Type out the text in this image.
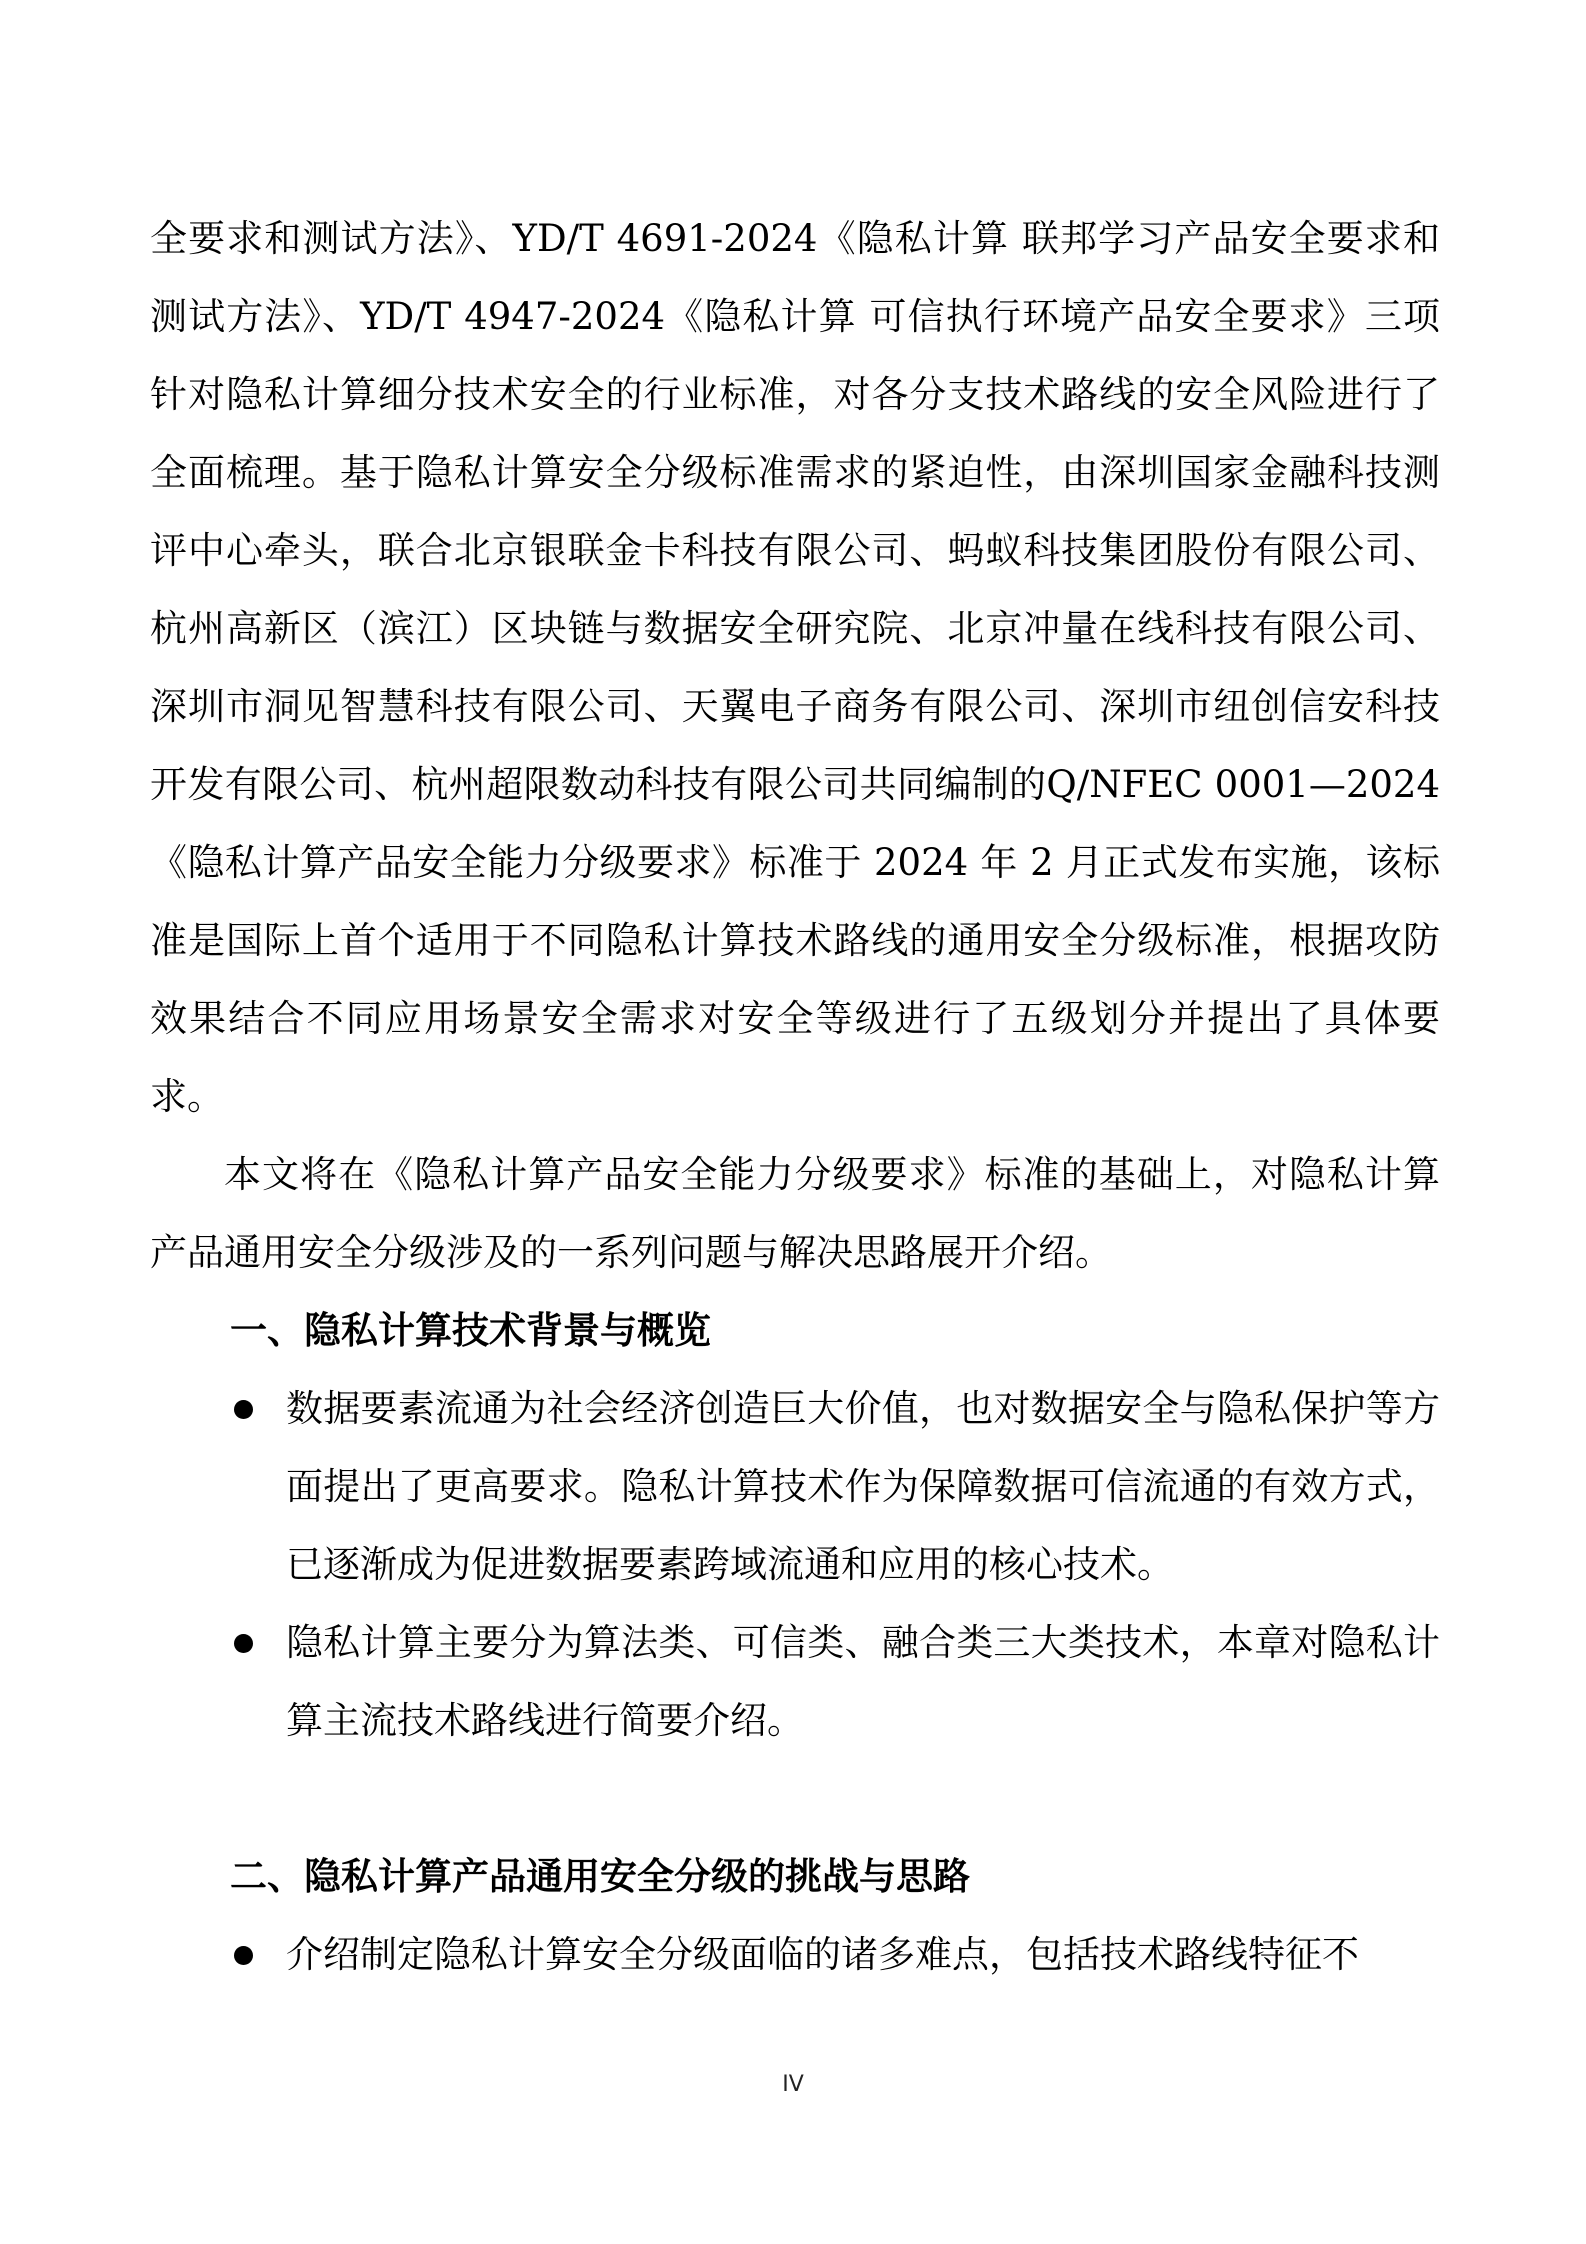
全要求和测试方法》、YD/T 4691-2024《隐私计算 联邦学习产品安全要求和测试方法》、YD/T 4947-2024《隐私计算 可信执行环境产品安全要求》三项针对隐私计算细分技术安全的行业标准，对各分支技术路线的安全风险进行了全面梳理。基于隐私计算安全分级标准需求的紧迫性，由深圳国家金融科技测评中心牵头，联合北京银联金卡科技有限公司、蚂蚁科技集团股份有限公司、杭州高新区（滨江）区块链与数据安全研究院、北京冲量在线科技有限公司、深圳市洞见智慧科技有限公司、天翼电子商务有限公司、深圳市纽创信安科技开发有限公司、杭州超限数动科技有限公司共同编制的Q/NFEC 0001—2024《隐私计算产品安全能力分级要求》标准于 2024 年 2 月正式发布实施，该标准是国际上首个适用于不同隐私计算技术路线的通用安全分级标准，根据攻防效果结合不同应用场景安全需求对安全等级进行了五级划分并提出了具体要求。

本文将在《隐私计算产品安全能力分级要求》标准的基础上，对隐私计算产品通用安全分级涉及的一系列问题与解决思路展开介绍。

一、隐私计算技术背景与概览
数据要素流通为社会经济创造巨大价值，也对数据安全与隐私保护等方面提出了更高要求。隐私计算技术作为保障数据可信流通的有效方式，已逐渐成为促进数据要素跨域流通和应用的核心技术。
隐私计算主要分为算法类、可信类、融合类三大类技术，本章对隐私计算主流技术路线进行简要介绍。
二、隐私计算产品通用安全分级的挑战与思路
介绍制定隐私计算安全分级面临的诸多难点，包括技术路线特征不
IV
